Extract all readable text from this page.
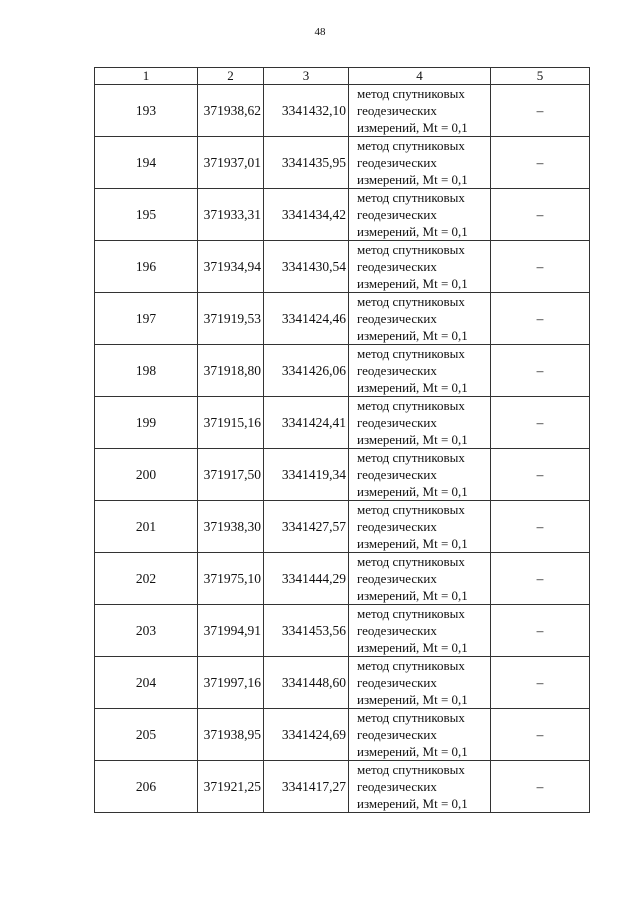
48
1	2	3	4	5
193	371938,62	3341432,10	метод спутниковых
геодезических
измерений, Mt = 0,1	–
194	371937,01	3341435,95	метод спутниковых
геодезических
измерений, Mt = 0,1	–
195	371933,31	3341434,42	метод спутниковых
геодезических
измерений, Mt = 0,1	–
196	371934,94	3341430,54	метод спутниковых
геодезических
измерений, Mt = 0,1	–
197	371919,53	3341424,46	метод спутниковых
геодезических
измерений, Mt = 0,1	–
198	371918,80	3341426,06	метод спутниковых
геодезических
измерений, Mt = 0,1	–
199	371915,16	3341424,41	метод спутниковых
геодезических
измерений, Mt = 0,1	–
200	371917,50	3341419,34	метод спутниковых
геодезических
измерений, Mt = 0,1	–
201	371938,30	3341427,57	метод спутниковых
геодезических
измерений, Mt = 0,1	–
202	371975,10	3341444,29	метод спутниковых
геодезических
измерений, Mt = 0,1	–
203	371994,91	3341453,56	метод спутниковых
геодезических
измерений, Mt = 0,1	–
204	371997,16	3341448,60	метод спутниковых
геодезических
измерений, Mt = 0,1	–
205	371938,95	3341424,69	метод спутниковых
геодезических
измерений, Mt = 0,1	–
206	371921,25	3341417,27	метод спутниковых
геодезических
измерений, Mt = 0,1	–
